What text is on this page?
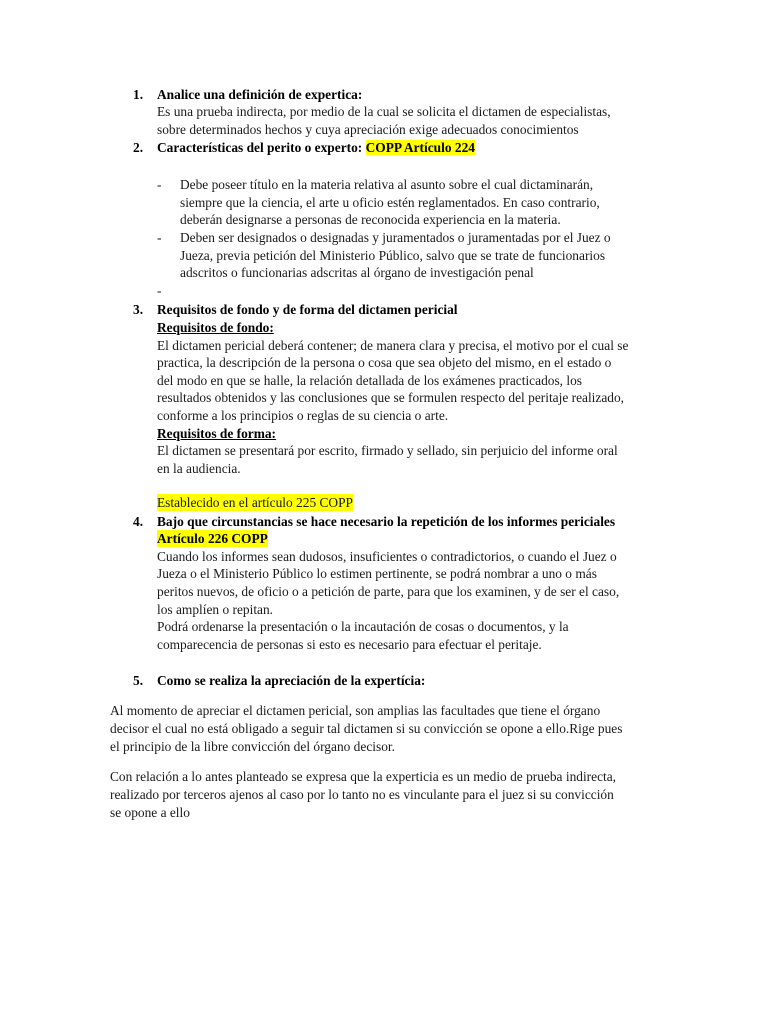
1. Analice una definición de expertica:
Es una prueba indirecta, por medio de la cual se solicita el dictamen de especialistas,
sobre determinados hechos y cuya apreciación exige adecuados conocimientos
2. Características del perito o experto: COPP Artículo 224
- Debe poseer título en la materia relativa al asunto sobre el cual dictaminarán,
siempre que la ciencia, el arte u oficio estén reglamentados. En caso contrario,
deberán designarse a personas de reconocida experiencia en la materia.
- Deben ser designados o designadas y juramentados o juramentadas por el Juez o
Jueza, previa petición del Ministerio Público, salvo que se trate de funcionarios
adscritos o funcionarias adscritas al órgano de investigación penal
-
3. Requisitos de fondo y de forma del dictamen pericial
Requisitos de fondo:
El dictamen pericial deberá contener; de manera clara y precisa, el motivo por el cual se
practica, la descripción de la persona o cosa que sea objeto del mismo, en el estado o
del modo en que se halle, la relación detallada de los exámenes practicados, los
resultados obtenidos y las conclusiones que se formulen respecto del peritaje realizado,
conforme a los principios o reglas de su ciencia o arte.
Requisitos de forma:
El dictamen se presentará por escrito, firmado y sellado, sin perjuicio del informe oral
en la audiencia.
Establecido en el artículo 225 COPP
4. Bajo que circunstancias se hace necesario la repetición de los informes periciales
Artículo 226 COPP
Cuando los informes sean dudosos, insuficientes o contradictorios, o cuando el Juez o
Jueza o el Ministerio Público lo estimen pertinente, se podrá nombrar a uno o más
peritos nuevos, de oficio o a petición de parte, para que los examinen, y de ser el caso,
los amplíen o repitan.
Podrá ordenarse la presentación o la incautación de cosas o documentos, y la
comparecencia de personas si esto es necesario para efectuar el peritaje.
5. Como se realiza la apreciación de la expertícia:
Al momento de apreciar el dictamen pericial, son amplias las facultades que tiene el órgano
decisor el cual no está obligado a seguir tal dictamen si su convicción se opone a ello.Rige pues
el principio de la libre convicción del órgano decisor.
Con relación a lo antes planteado se expresa que la experticia es un medio de prueba indirecta,
realizado por terceros ajenos al caso por lo tanto no es vinculante para el juez si su convicción
se opone a ello
